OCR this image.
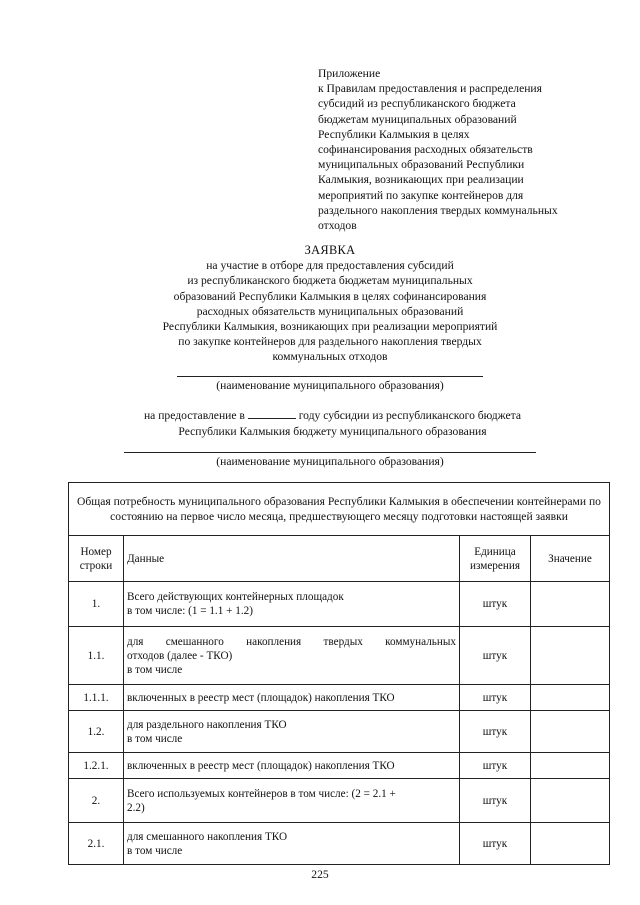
Приложение
к Правилам предоставления и распределения
субсидий из республиканского бюджета
бюджетам муниципальных образований
Республики Калмыкия в целях
софинансирования расходных обязательств
муниципальных образований Республики
Калмыкия, возникающих при реализации
мероприятий по закупке контейнеров для
раздельного накопления твердых коммунальных
отходов
ЗАЯВКА
на участие в отборе для предоставления субсидий
из республиканского бюджета бюджетам муниципальных
образований Республики Калмыкия в целях софинансирования
расходных обязательств муниципальных образований
Республики Калмыкия, возникающих при реализации мероприятий
по закупке контейнеров для раздельного накопления твердых
коммунальных отходов
(наименование муниципального образования)
на предоставление в	году субсидии из республиканского бюджета
Республики Калмыкия бюджету муниципального образования
(наименование муниципального образования)
Общая потребность муниципального образования Республики Калмыкия в обеспечении контейнерами по состоянию на первое число месяца, предшествующего месяцу подготовки настоящей заявки			
Номер строки	Данные	Единица измерения	Значение
1.	Всего действующих контейнерных площадок
в том числе: (1 = 1.1 + 1.2)	штук	
1.1.	для смешанного накопления твердых коммунальных
отходов (далее - ТКО)
в том числе	штук	
1.1.1.	включенных в реестр мест (площадок) накопления ТКО	штук	
1.2.	для раздельного накопления ТКО
в том числе	штук	
1.2.1.	включенных в реестр мест (площадок) накопления ТКО	штук	
2.	Всего используемых контейнеров в том числе: (2 = 2.1 +
2.2)	штук	
2.1.	для смешанного накопления ТКО
в том числе	штук	
225
